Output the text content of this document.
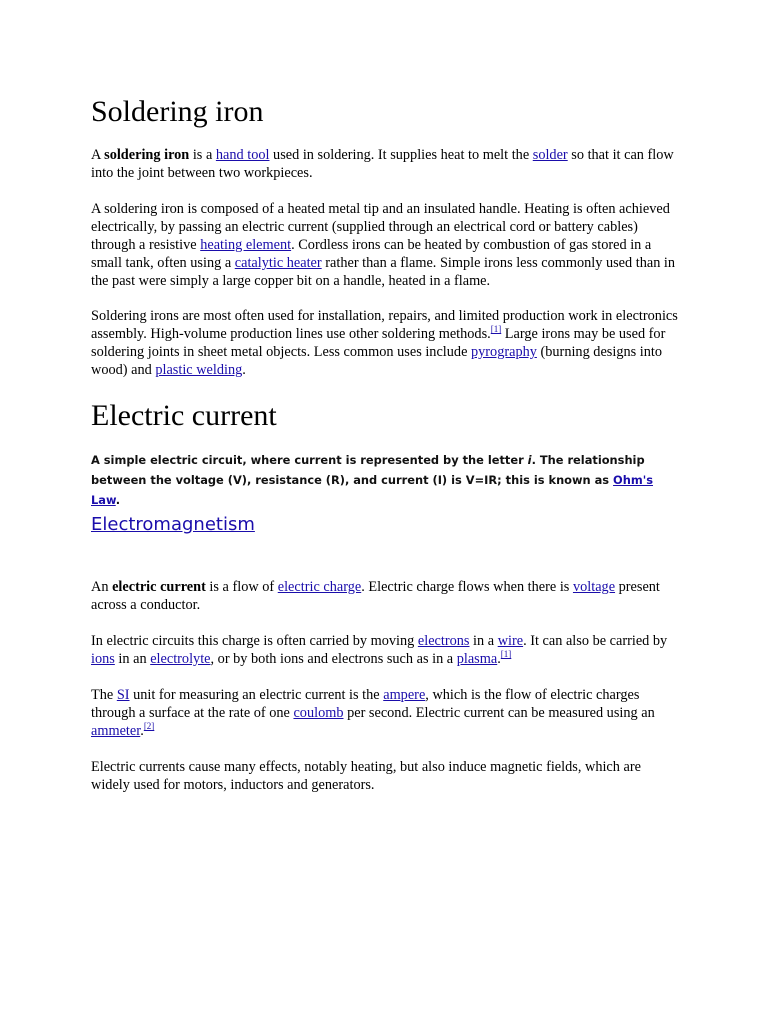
Soldering iron

A soldering iron is a hand tool used in soldering. It supplies heat to melt the solder so that it can flow into the joint between two workpieces.

A soldering iron is composed of a heated metal tip and an insulated handle. Heating is often achieved electrically, by passing an electric current (supplied through an electrical cord or battery cables) through a resistive heating element. Cordless irons can be heated by combustion of gas stored in a small tank, often using a catalytic heater rather than a flame. Simple irons less commonly used than in the past were simply a large copper bit on a handle, heated in a flame.

Soldering irons are most often used for installation, repairs, and limited production work in electronics assembly. High-volume production lines use other soldering methods.[1] Large irons may be used for soldering joints in sheet metal objects. Less common uses include pyrography (burning designs into wood) and plastic welding.

Electric current
A simple electric circuit, where current is represented by the letter i. The relationship between the voltage (V), resistance (R), and current (I) is V=IR; this is known as Ohm's Law.
Electromagnetism

An electric current is a flow of electric charge. Electric charge flows when there is voltage present across a conductor.

In electric circuits this charge is often carried by moving electrons in a wire. It can also be carried by ions in an electrolyte, or by both ions and electrons such as in a plasma.[1]

The SI unit for measuring an electric current is the ampere, which is the flow of electric charges through a surface at the rate of one coulomb per second. Electric current can be measured using an ammeter.[2]

Electric currents cause many effects, notably heating, but also induce magnetic fields, which are widely used for motors, inductors and generators.
